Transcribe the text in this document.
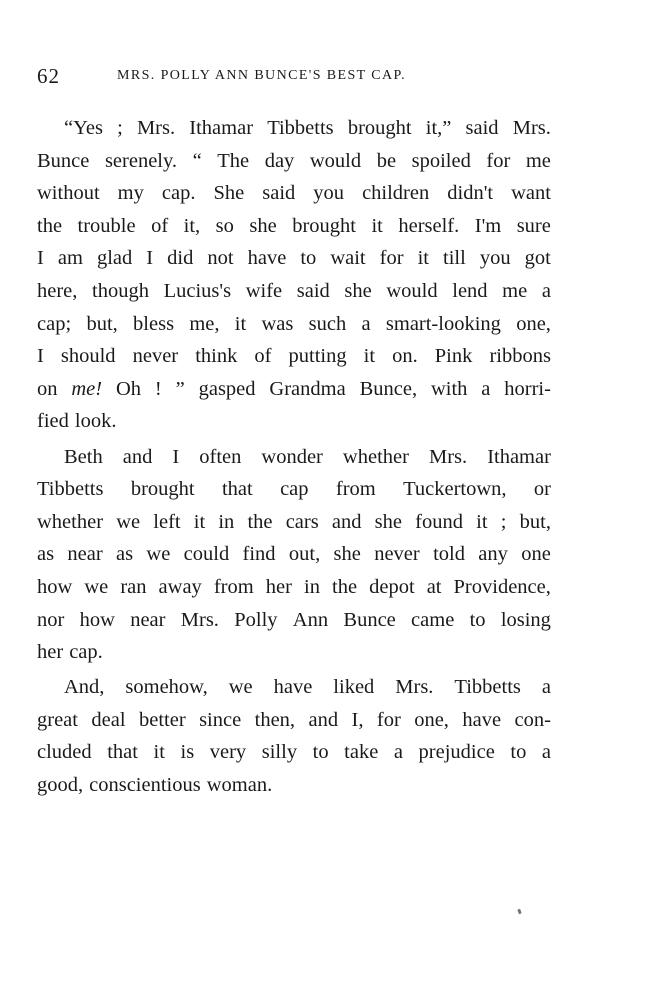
62	MRS. POLLY ANN BUNCE'S BEST CAP.
“Yes ; Mrs. Ithamar Tibbetts brought it,” said Mrs.
Bunce serenely. “ The day would be spoiled for me
without my cap. She said you children didn't want
the trouble of it, so she brought it herself. I'm sure
I am glad I did not have to wait for it till you got
here, though Lucius's wife said she would lend me a
cap; but, bless me, it was such a smart-looking one,
I should never think of putting it on. Pink ribbons
on me! Oh ! ” gasped Grandma Bunce, with a horri-
fied look.
Beth and I often wonder whether Mrs. Ithamar
Tibbetts brought that cap from Tuckertown, or
whether we left it in the cars and she found it ; but,
as near as we could find out, she never told any one
how we ran away from her in the depot at Providence,
nor how near Mrs. Polly Ann Bunce came to losing
her cap.
And, somehow, we have liked Mrs. Tibbetts a
great deal better since then, and I, for one, have con-
cluded that it is very silly to take a prejudice to a
good, conscientious woman.
